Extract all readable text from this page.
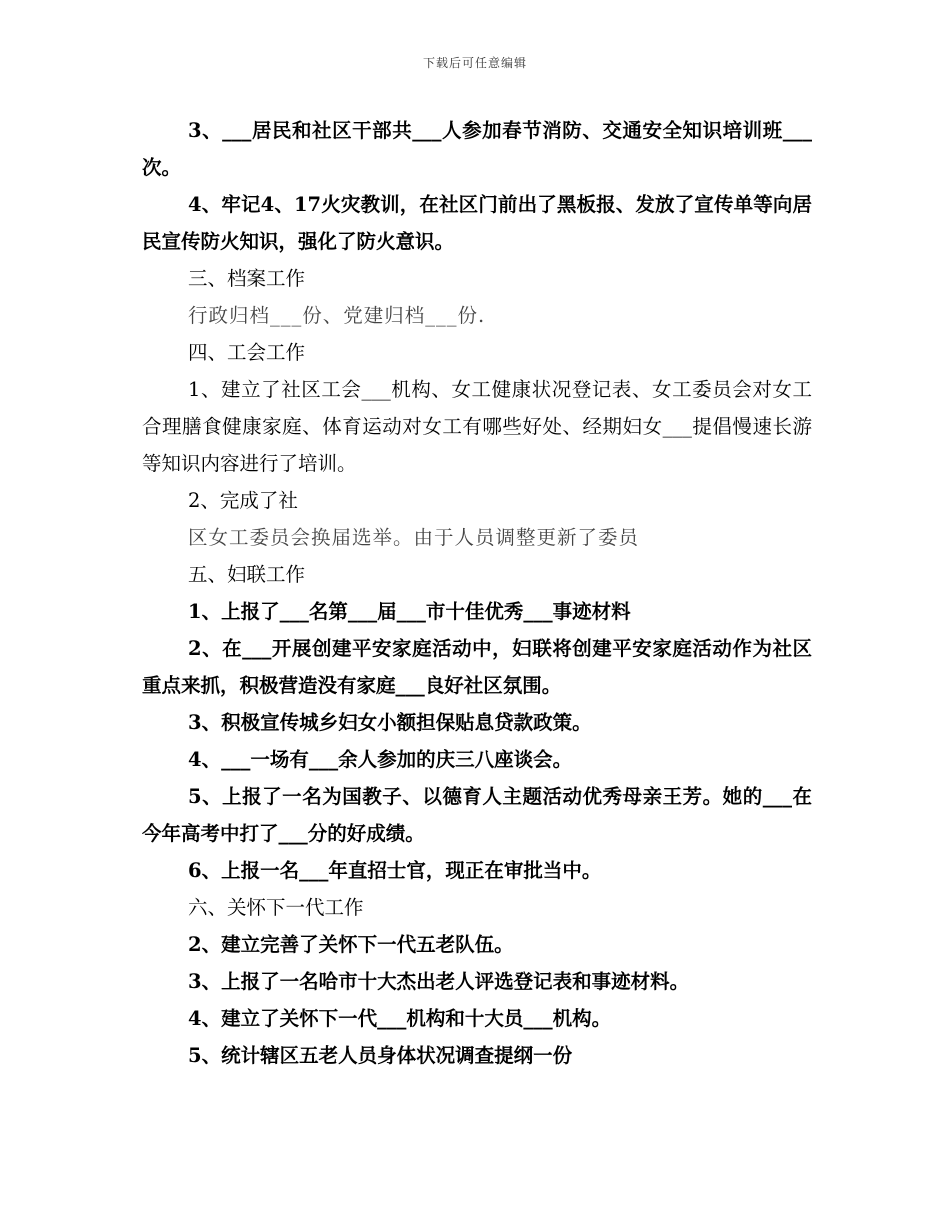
下载后可任意编辑

3、___居民和社区干部共___人参加春节消防、交通安全知识培训班___次。

4、牢记4、17火灾教训，在社区门前出了黑板报、发放了宣传单等向居民宣传防火知识，强化了防火意识。

三、档案工作

行政归档___份、党建归档___份.

四、工会工作

1、建立了社区工会___机构、女工健康状况登记表、女工委员会对女工合理膳食健康家庭、体育运动对女工有哪些好处、经期妇女___提倡慢速长游等知识内容进行了培训。

2、完成了社

区女工委员会换届选举。由于人员调整更新了委员

五、妇联工作

1、上报了___名第___届___市十佳优秀___事迹材料

2、在___开展创建平安家庭活动中，妇联将创建平安家庭活动作为社区重点来抓，积极营造没有家庭___良好社区氛围。

3、积极宣传城乡妇女小额担保贴息贷款政策。

4、___一场有___余人参加的庆三八座谈会。

5、上报了一名为国教子、以德育人主题活动优秀母亲王芳。她的___在今年高考中打了___分的好成绩。

6、上报一名___年直招士官，现正在审批当中。

六、关怀下一代工作

2、建立完善了关怀下一代五老队伍。

3、上报了一名哈市十大杰出老人评选登记表和事迹材料。

4、建立了关怀下一代___机构和十大员___机构。

5、统计辖区五老人员身体状况调查提纲一份
